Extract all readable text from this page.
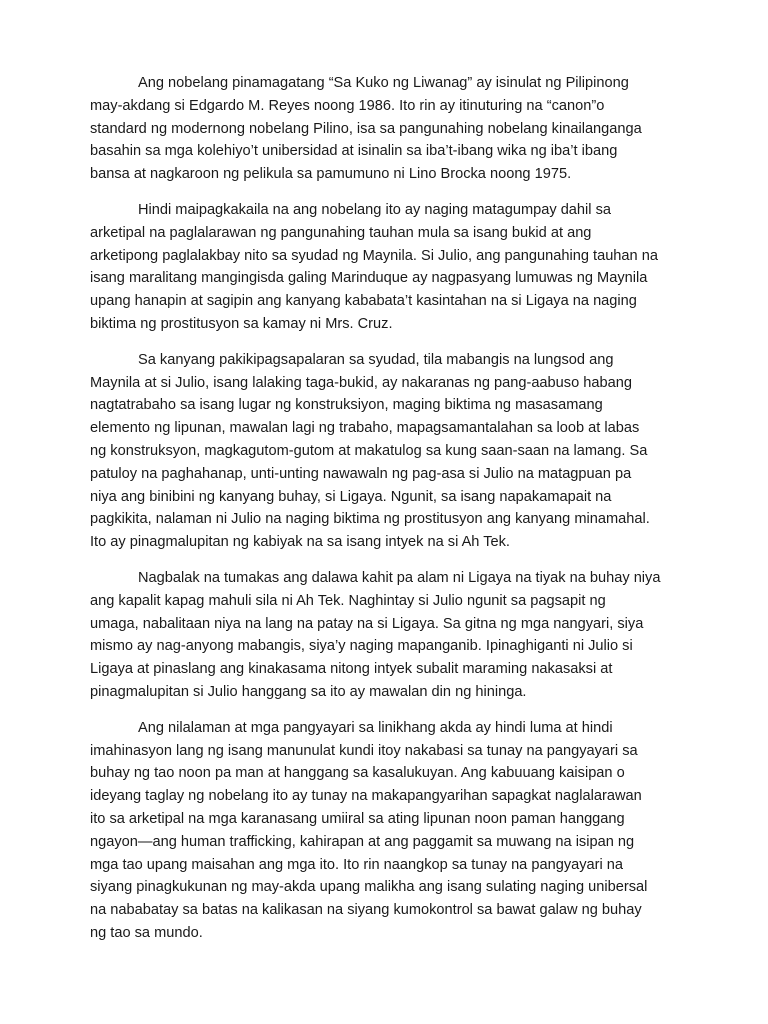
Ang nobelang pinamagatang “Sa Kuko ng Liwanag” ay isinulat ng Pilipinong
may-akdang si Edgardo M. Reyes noong 1986. Ito rin ay itinuturing na “canon”o
standard ng modernong nobelang Pilino, isa sa pangunahing nobelang kinailanganga
basahin sa mga kolehiyo’t unibersidad at isinalin sa iba’t-ibang wika ng iba’t ibang
bansa at nagkaroon ng pelikula sa pamumuno ni Lino Brocka noong 1975.

Hindi maipagkakaila na ang nobelang ito ay naging matagumpay dahil sa
arketipal na paglalarawan ng pangunahing tauhan mula sa isang bukid at ang
arketipong paglalakbay nito sa syudad ng Maynila. Si Julio, ang pangunahing tauhan na
isang maralitang mangingisda galing Marinduque ay nagpasyang lumuwas ng Maynila
upang hanapin at sagipin ang kanyang kababata’t kasintahan na si Ligaya na naging
biktima ng prostitusyon sa kamay ni Mrs. Cruz.

Sa kanyang pakikipagsapalaran sa syudad, tila mabangis na lungsod ang
Maynila at si Julio, isang lalaking taga-bukid, ay nakaranas ng pang-aabuso habang
nagtatrabaho sa isang lugar ng konstruksiyon, maging biktima ng masasamang
elemento ng lipunan, mawalan lagi ng trabaho, mapagsamantalahan sa loob at labas
ng konstruksyon, magkagutom-gutom at makatulog sa kung saan-saan na lamang. Sa
patuloy na paghahanap, unti-unting nawawaln ng pag-asa si Julio na matagpuan pa
niya ang binibini ng kanyang buhay, si Ligaya. Ngunit, sa isang napakamapait na
pagkikita, nalaman ni Julio na naging biktima ng prostitusyon ang kanyang minamahal.
Ito ay pinagmalupitan ng kabiyak na sa isang intyek na si Ah Tek.

Nagbalak na tumakas ang dalawa kahit pa alam ni Ligaya na tiyak na buhay niya
ang kapalit kapag mahuli sila ni Ah Tek. Naghintay si Julio ngunit sa pagsapit ng
umaga, nabalitaan niya na lang na patay na si Ligaya. Sa gitna ng mga nangyari, siya
mismo ay nag-anyong mabangis, siya’y naging mapanganib. Ipinaghiganti ni Julio si
Ligaya at pinaslang ang kinakasama nitong intyek subalit maraming nakasaksi at
pinagmalupitan si Julio hanggang sa ito ay mawalan din ng hininga.

Ang nilalaman at mga pangyayari sa linikhang akda ay hindi luma at hindi
imahinasyon lang ng isang manunulat kundi itoy nakabasi sa tunay na pangyayari sa
buhay ng tao noon pa man at hanggang sa kasalukuyan. Ang kabuuang kaisipan o
ideyang taglay ng nobelang ito ay tunay na makapangyarihan sapagkat naglalarawan
ito sa arketipal na mga karanasang umiiral sa ating lipunan noon paman hanggang
ngayon—ang human trafficking, kahirapan at ang paggamit sa muwang na isipan ng
mga tao upang maisahan ang mga ito. Ito rin naangkop sa tunay na pangyayari na
siyang pinagkukunan ng may-akda upang malikha ang isang sulating naging unibersal
na nababatay sa batas na kalikasan na siyang kumokontrol sa bawat galaw ng buhay
ng tao sa mundo.
